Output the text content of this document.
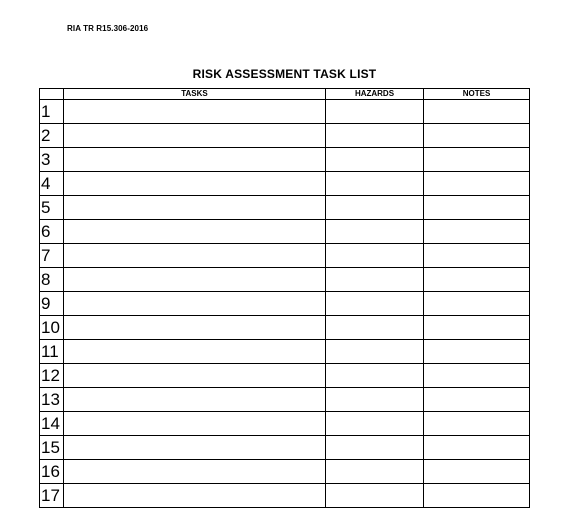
RIA TR R15.306-2016
RISK ASSESSMENT TASK LIST
	TASKS	HAZARDS	NOTES
1			
2			
3			
4			
5			
6			
7			
8			
9			
10			
11			
12			
13			
14			
15			
16			
17			
